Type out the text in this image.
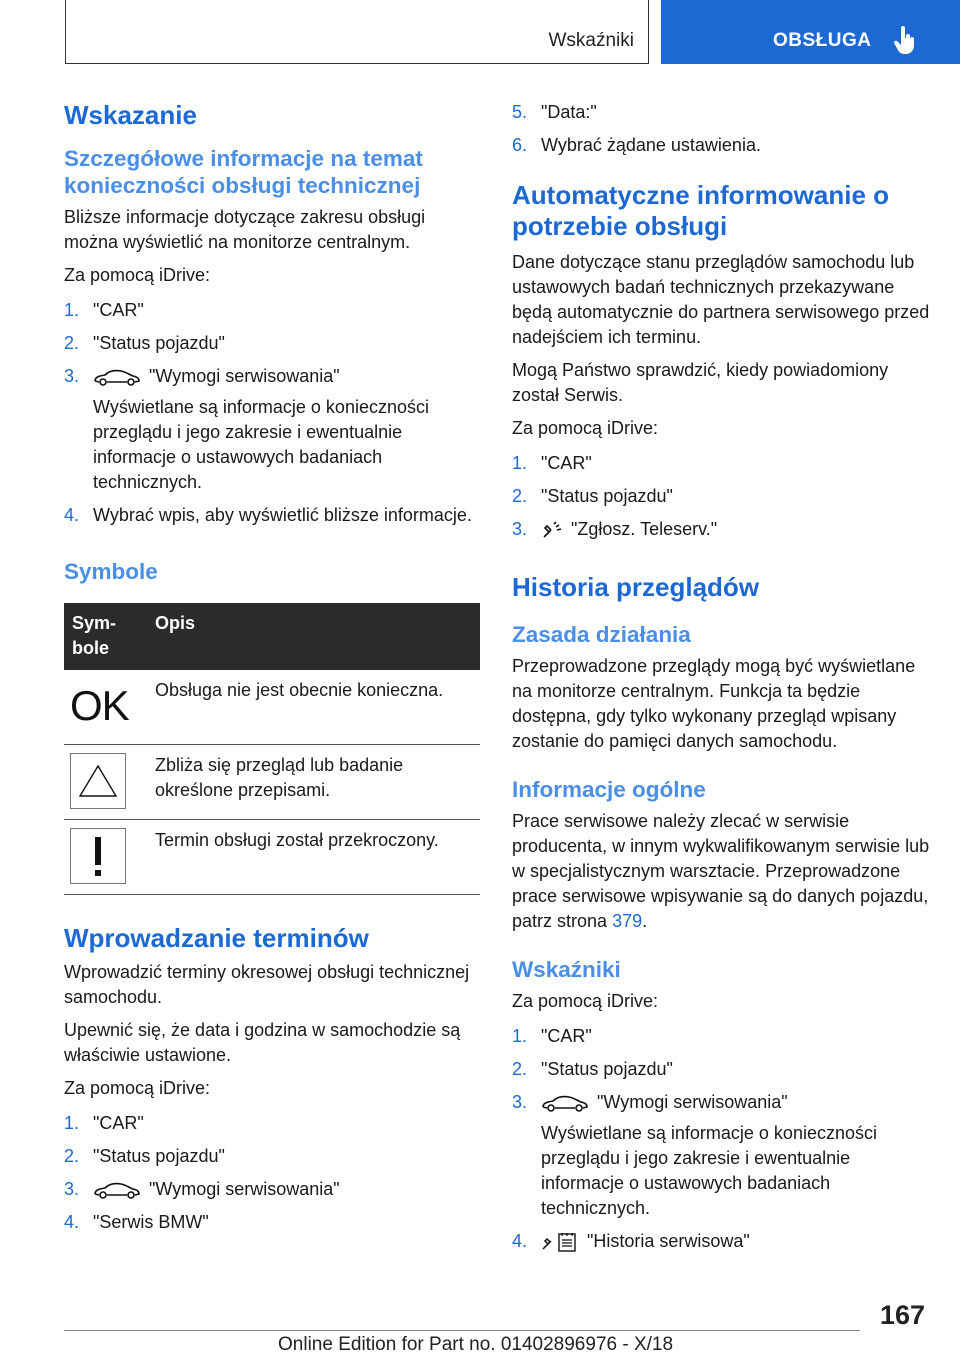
Wskaźniki	OBSŁUGA
Wskazanie
Szczegółowe informacje na temat konieczności obsługi technicznej

Bliższe informacje dotyczące zakresu obsługi można wyświetlić na monitorze centralnym.

Za pomocą iDrive:

1. "CAR"
2. "Status pojazdu"
3.	"Wymogi serwisowania"
Wyświetlane są informacje o konieczności przeglądu i jego zakresie i ewentualnie informacje o ustawowych badaniach technicznych.
4. Wybrać wpis, aby wyświetlić bliższe informacje.
Symbole
Sym-bole	Opis
OK	Obsługa nie jest obecnie konieczna.

	Zbliża się przegląd lub badanie określone przepisami.

	Termin obsługi został przekroczony.
Wprowadzanie terminów

Wprowadzić terminy okresowej obsługi technicznej samochodu.

Upewnić się, że data i godzina w samochodzie są właściwie ustawione.

Za pomocą iDrive:

1. "CAR"
2. "Status pojazdu"
3.	"Wymogi serwisowania"
4. "Serwis BMW"
5. "Data:"
6. Wybrać żądane ustawienia.
Automatyczne informowanie o potrzebie obsługi

Dane dotyczące stanu przeglądów samochodu lub ustawowych badań technicznych przekazywane będą automatycznie do partnera serwisowego przed nadejściem ich terminu.

Mogą Państwo sprawdzić, kiedy powiadomiony został Serwis.

Za pomocą iDrive:

1. "CAR"
2. "Status pojazdu"
3. "Zgłosz. Teleserv."
Historia przeglądów
Zasada działania

Przeprowadzone przeglądy mogą być wyświetlane na monitorze centralnym. Funkcja ta będzie dostępna, gdy tylko wykonany przegląd wpisany zostanie do pamięci danych samochodu.

Informacje ogólne

Prace serwisowe należy zlecać w serwisie producenta, w innym wykwalifikowanym serwisie lub w specjalistycznym warsztacie. Przeprowadzone prace serwisowe wpisywanie są do danych pojazdu, patrz strona 379.

Wskaźniki

Za pomocą iDrive:

1. "CAR"
2. "Status pojazdu"
3.	"Wymogi serwisowania"
Wyświetlane są informacje o konieczności przeglądu i jego zakresie i ewentualnie informacje o ustawowych badaniach technicznych.
4.	"Historia serwisowa"
167
Online Edition for Part no. 01402896976 - X/18
